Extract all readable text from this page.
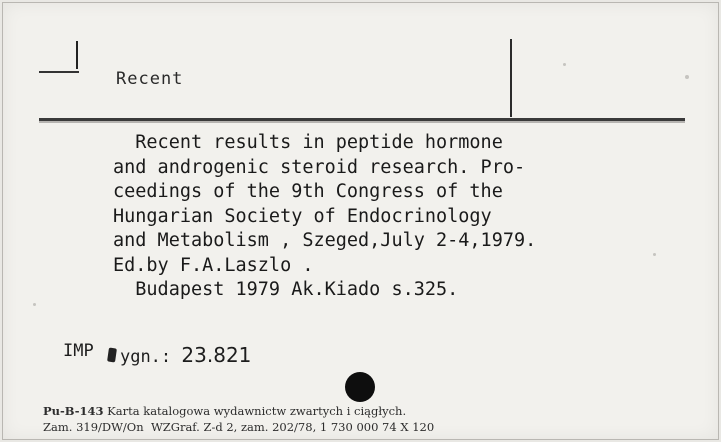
Recent
Recent results in peptide hormone
and androgenic steroid research. Pro-
ceedings of the 9th Congress of the
Hungarian Society of Endocrinology
and Metabolism , Szeged,July 2-4,1979.
Ed.by F.A.Laszlo .
Budapest 1979 Ak.Kiado s.325.
IMP ygn.: 23.821
Pu-B-143 Karta katalogowa wydawnictw zwartych i ciągłych.
Zam. 319/DW/On  WZGraf. Z-d 2, zam. 202/78, 1 730 000 74 X 120
